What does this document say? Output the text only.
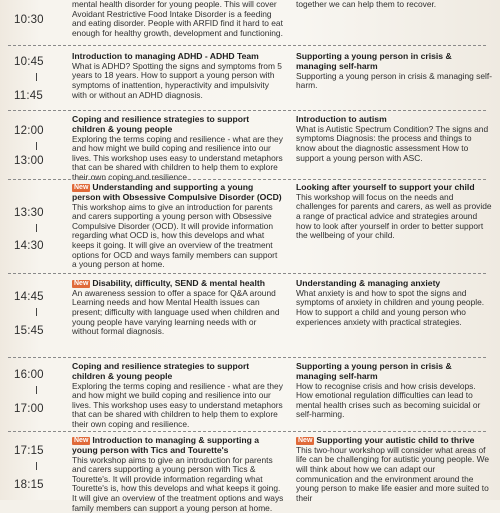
mental health disorder for young people. This will cover Avoidant Restrictive Food Intake Disorder is a feeding and eating disorder. People with ARFID find it hard to eat enough for healthy growth, development and functioning.
together we can help them to recover.
10:30
10:45
11:45
Introduction to managing ADHD - ADHD Team
What is ADHD? Spotting the signs and symptoms from 5 years to 18 years. How to support a young person with symptoms of inattention, hyperactivity and impulsivity with or without an ADHD diagnosis.
Supporting a young person in crisis & managing self-harm
Supporting a young person in crisis & managing self-harm.
12:00
13:00
Coping and resilience strategies to support children & young people
Exploring the terms coping and resilience - what are they and how might we build coping and resilience into our lives. This workshop uses easy to understand metaphors that can be shared with children to help them to explore their own coping and resilience.
Introduction to autism
What is Autistic Spectrum Condition? The signs and symptoms Diagnosis: the process and things to know about the diagnostic assessment How to support a young person with ASC.
13:30
14:30
New Understanding and supporting a young person with Obsessive Compulsive Disorder (OCD)
This workshop aims to give an introduction for parents and carers supporting a young person with Obsessive Compulsive Disorder (OCD). It will provide information regarding what OCD is, how this develops and what keeps it going. It will give an overview of the treatment options for OCD and ways family members can support a young person at home.
Looking after yourself to support your child
This workshop will focus on the needs and challenges for parents and carers, as well as provide a range of practical advice and strategies around how to look after yourself in order to better support the wellbeing of your child.
14:45
15:45
New Disability, difficulty, SEND & mental health
An awareness session to offer a space for Q&A around Learning needs and how Mental Health issues can present; difficulty with language used when children and young people have varying learning needs with or without formal diagnosis.
Understanding & managing anxiety
What anxiety is and how to spot the signs and symptoms of anxiety in children and young people. How to support a child and young person who experiences anxiety with practical strategies.
16:00
17:00
Coping and resilience strategies to support children & young people
Exploring the terms coping and resilience - what are they and how might we build coping and resilience into our lives. This workshop uses easy to understand metaphors that can be shared with children to help them to explore their own coping and resilience.
Supporting a young person in crisis & managing self-harm
How to recognise crisis and how crisis develops. How emotional regulation difficulties can lead to mental health crises such as becoming suicidal or self-harming.
17:15
18:15
New Introduction to managing & supporting a young person with Tics and Tourette's
This workshop aims to give an introduction for parents and carers supporting a young person with Tics & Tourette's. It will provide information regarding what Tourette's is, how this develops and what keeps it going. It will give an overview of the treatment options and ways family members can support a young person at home.
New Supporting your autistic child to thrive
This two-hour workshop will consider what areas of life can be challenging for autistic young people. We will think about how we can adapt our communication and the environment around the young person to make life easier and more suited to their
